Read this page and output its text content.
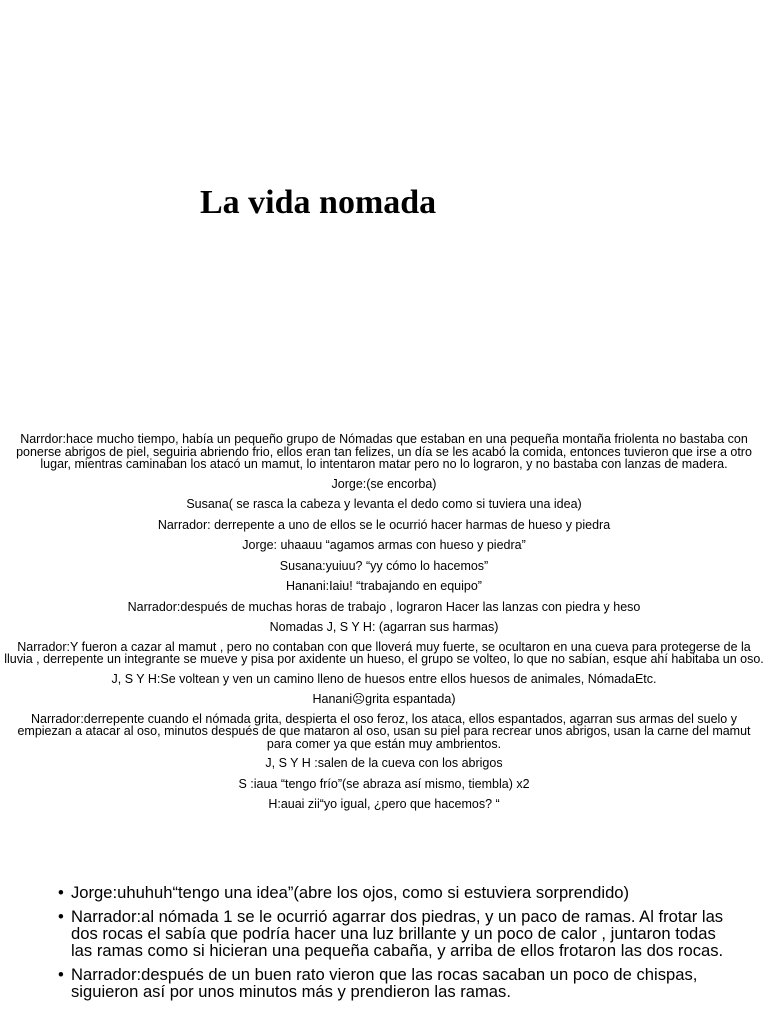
La vida nomada

Narrdor:hace mucho tiempo, había un pequeño grupo de Nómadas que estaban en una pequeña montaña friolenta no bastaba con ponerse abrigos de piel, seguiria abriendo frio, ellos eran tan felizes, un día se les acabó la comida, entonces tuvieron que irse a otro lugar, mientras caminaban los atacó un mamut, lo intentaron matar pero no lo lograron, y no bastaba con lanzas de madera.

Jorge:(se encorba)

Susana( se rasca la cabeza y levanta el dedo como si tuviera una idea)

Narrador: derrepente a uno de ellos se le ocurrió hacer harmas de hueso y piedra

Jorge: uhaauu “agamos armas con hueso y piedra”

Susana:yuiuu? “yy cómo lo hacemos”

Hanani:Iaiu! “trabajando en equipo”

Narrador:después de muchas horas de trabajo , lograron Hacer las lanzas con piedra y heso

Nomadas J, S Y H: (agarran sus harmas)

Narrador:Y fueron a cazar al mamut , pero no contaban con que lloverá muy fuerte, se ocultaron en una cueva para protegerse de la lluvia , derrepente un integrante se mueve y pisa por axidente un hueso, el grupo se volteo, lo que no sabían, esque ahí habitaba un oso.

J, S Y H:Se voltean y ven un camino lleno de huesos entre ellos huesos de animales, NómadaEtc.

Hanani☹grita espantada)

Narrador:derrepente cuando el nómada grita, despierta el oso feroz, los ataca, ellos espantados, agarran sus armas del suelo y empiezan a atacar al oso, minutos después de que mataron al oso, usan su piel para recrear unos abrigos, usan la carne del mamut para comer ya que están muy ambrientos.

J, S Y H :salen de la cueva con los abrigos

S :iaua “tengo frío”(se abraza así mismo, tiembla) x2

H:auai zii“yo igual, ¿pero que hacemos? “

• Jorge:uhuhuh“tengo una idea”(abre los ojos, como si estuviera sorprendido)
• Narrador:al nómada 1 se le ocurrió agarrar dos piedras, y un paco de ramas. Al frotar las dos rocas el sabía que podría hacer una luz brillante y un poco de calor , juntaron todas las ramas como si hicieran una pequeña cabaña, y arriba de ellos frotaron las dos rocas.
• Narrador:después de un buen rato vieron que las rocas sacaban un poco de chispas, siguieron así por unos minutos más y prendieron las ramas.
